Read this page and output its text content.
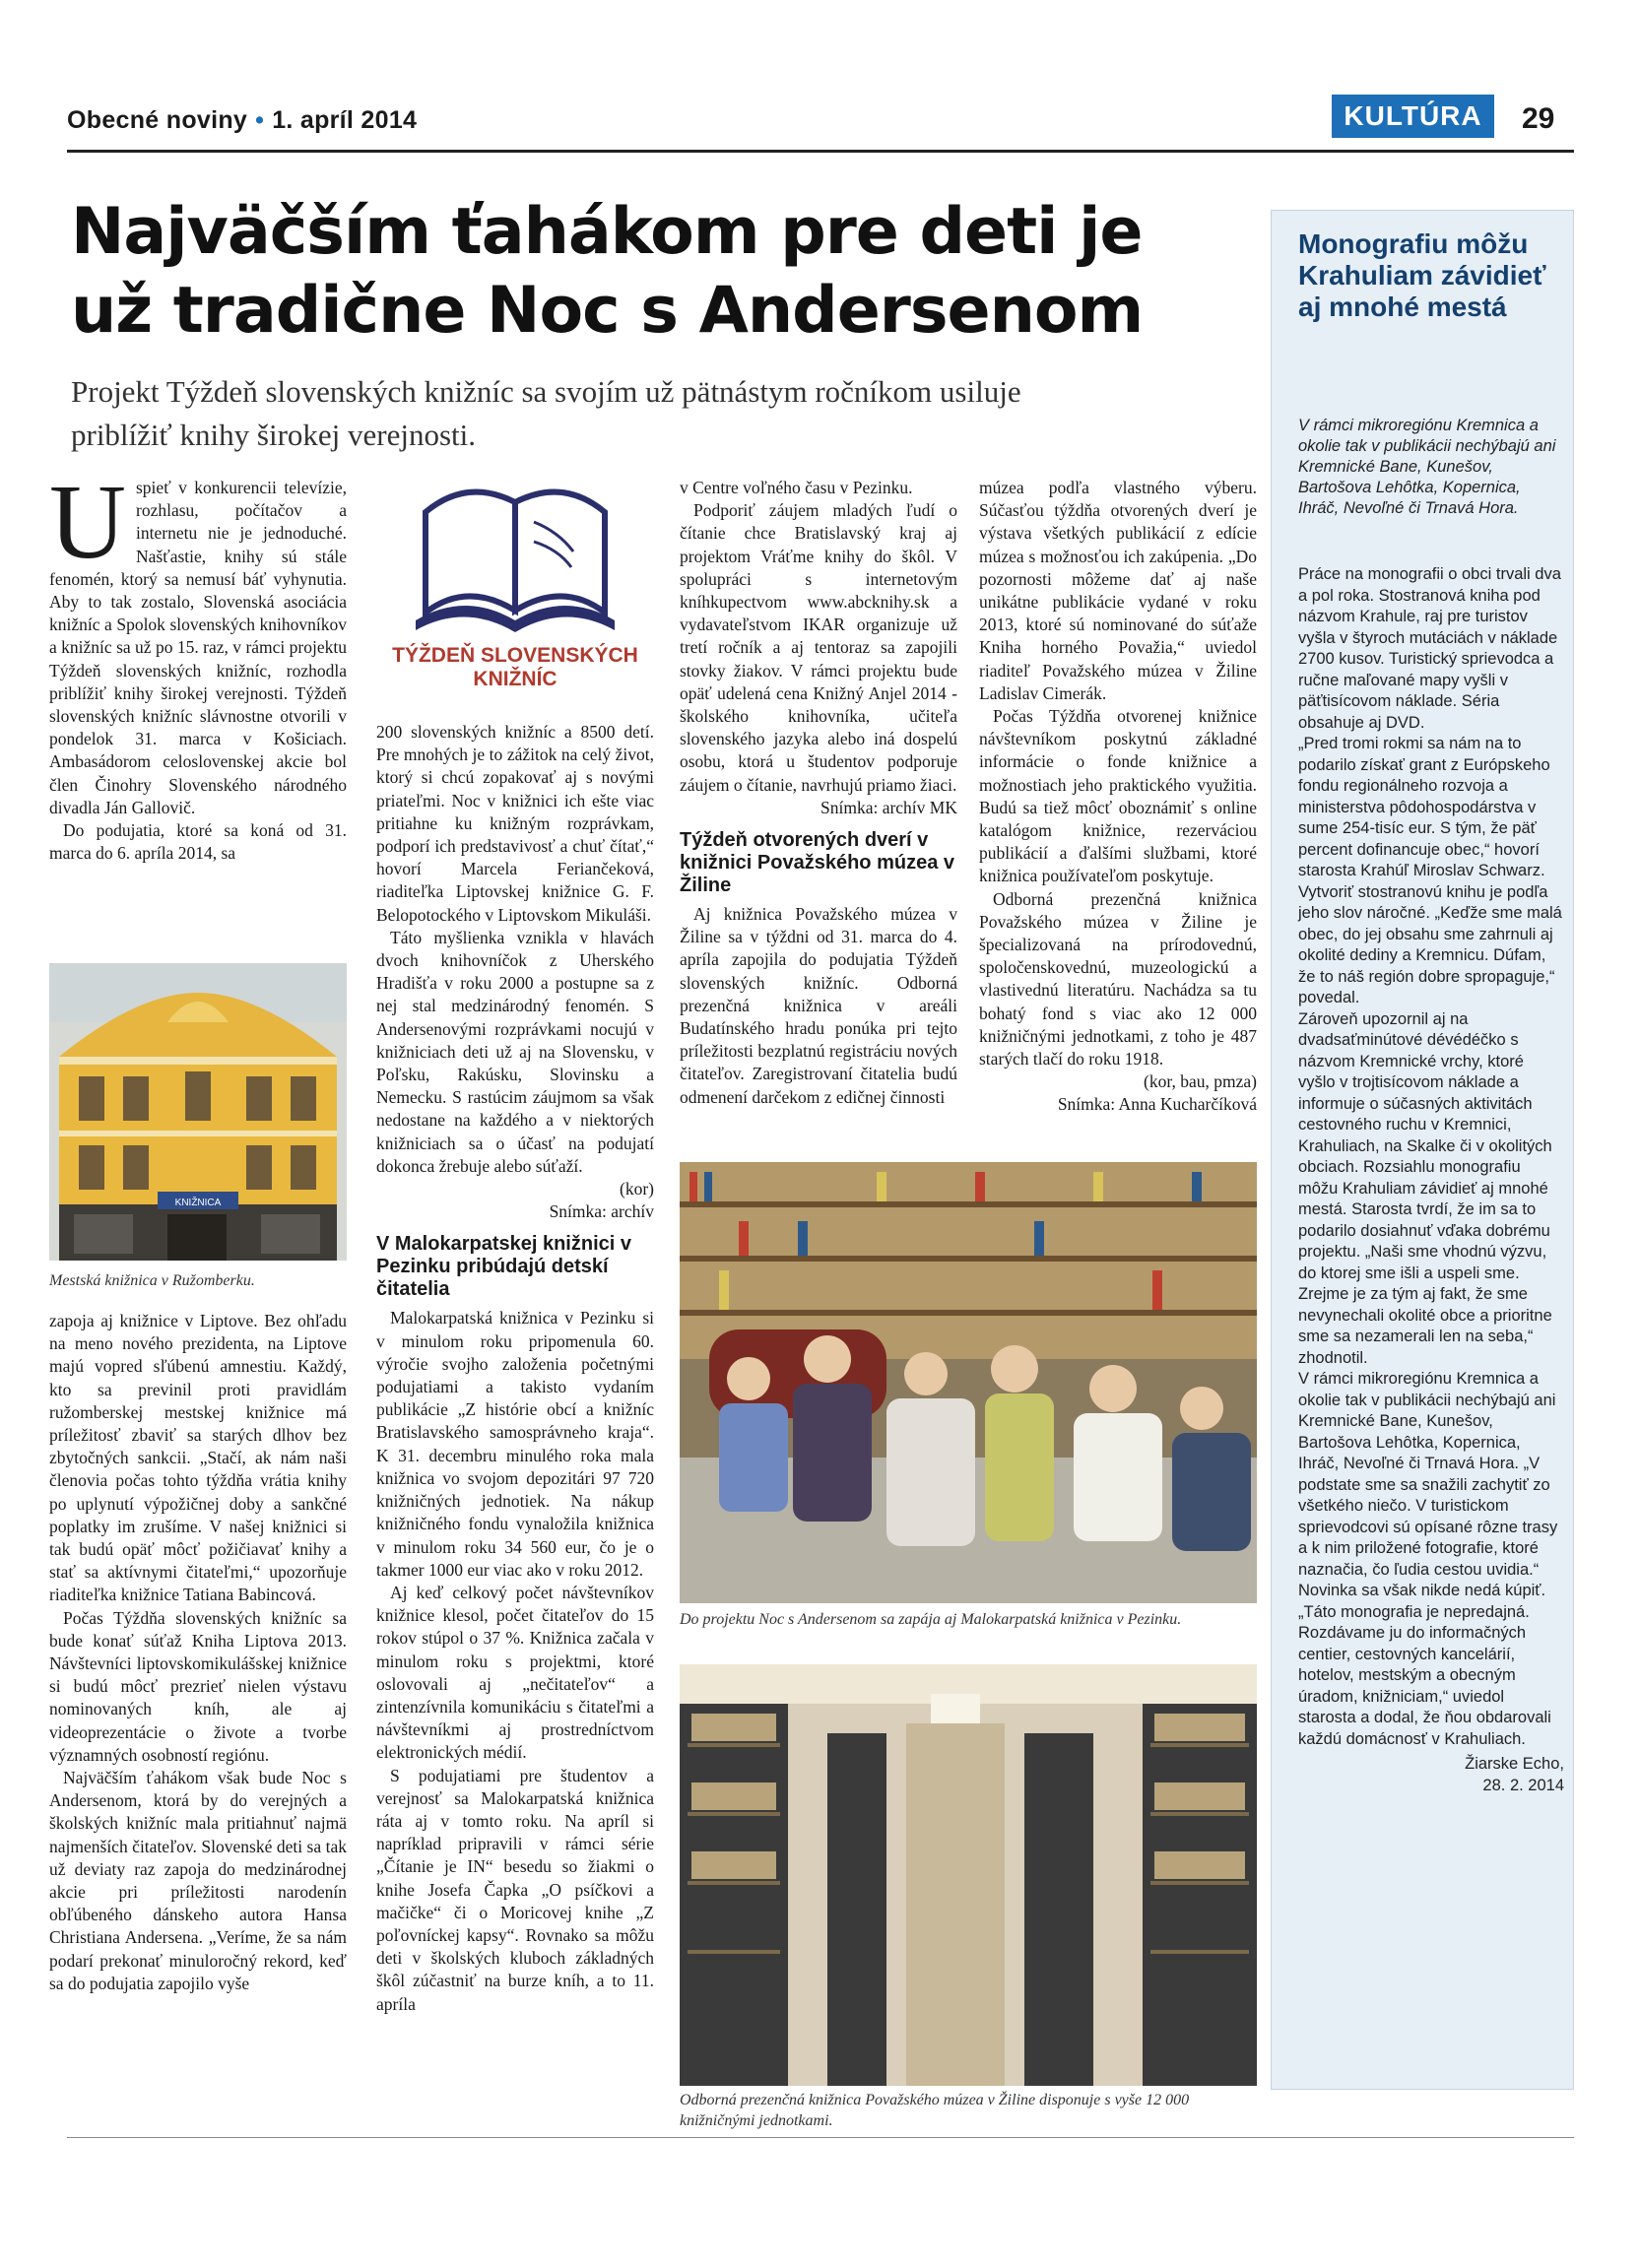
Obecné noviny • 1. apríl 2014	KULTÚRA	29
Najväčším ťahákom pre deti je
už tradične Noc s Andersenom
Projekt Týždeň slovenských knižníc sa svojím už pätnástym ročníkom usiluje
priblížiť knihy širokej verejnosti.
U spieť v konkurencii televízie, rozhlasu, počítačov a internetu nie je jednoduché. Našťastie, knihy sú stále fenomén, ktorý sa nemusí báť vyhynutia. Aby to tak zostalo, Slovenská asociácia knižníc a Spolok slovenských knihovníkov a knižníc sa už po 15. raz, v rámci projektu Týždeň slovenských knižníc, rozhodla priblížiť knihy širokej verejnosti. Týždeň slovenských knižníc slávnostne otvorili v pondelok 31. marca v Košiciach. Ambasádorom celoslovenskej akcie bol člen Činohry Slovenského národného divadla Ján Gallovič.

Do podujatia, ktoré sa koná od 31. marca do 6. apríla 2014, sa

KNIŽNICA
Mestská knižnica v Ružomberku.

zapoja aj knižnice v Liptove. Bez ohľadu na meno nového prezidenta, na Liptove majú vopred sľúbenú amnestiu. Každý, kto sa previnil proti pravidlám ružomberskej mestskej knižnice má príležitosť zbaviť sa starých dlhov bez zbytočných sankcii. „Stačí, ak nám naši členovia počas tohto týždňa vrátia knihy po uplynutí výpožičnej doby a sankčné poplatky im zrušíme. V našej knižnici si tak budú opäť môcť požičiavať knihy a stať sa aktívnymi čitateľmi,“ upozorňuje riaditeľka knižnice Tatiana Babincová.

Počas Týždňa slovenských knižníc sa bude konať súťaž Kniha Liptova 2013. Návštevníci liptovskomikulášskej knižnice si budú môcť prezrieť nielen výstavu nominovaných kníh, ale aj videoprezentácie o živote a tvorbe významných osobností regiónu.

Najväčším ťahákom však bude Noc s Andersenom, ktorá by do verejných a školských knižníc mala pritiahnuť najmä najmenších čitateľov. Slovenské deti sa tak už deviaty raz zapoja do medzinárodnej akcie pri príležitosti narodenín obľúbeného dánskeho autora Hansa Christiana Andersena. „Veríme, že sa nám podarí prekonať minuloročný rekord, keď sa do podujatia zapojilo vyše

TÝŽDEŇ SLOVENSKÝCH
KNIŽNÍC

200 slovenských knižníc a 8500 detí. Pre mnohých je to zážitok na celý život, ktorý si chcú zopakovať aj s novými priateľmi. Noc v knižnici ich ešte viac pritiahne ku knižným rozprávkam, podporí ich predstavivosť a chuť čítať,“ hovorí Marcela Feriančeková, riaditeľka Liptovskej knižnice G. F. Belopotockého v Liptovskom Mikuláši.

Táto myšlienka vznikla v hlavách dvoch knihovníčok z Uherského Hradišťa v roku 2000 a postupne sa z nej stal medzinárodný fenomén. S Andersenovými rozprávkami nocujú v knižniciach deti už aj na Slovensku, v Poľsku, Rakúsku, Slovinsku a Nemecku. S rastúcim záujmom sa však nedostane na každého a v niektorých knižniciach sa o účasť na podujatí dokonca žrebuje alebo súťaží.

(kor)

Snímka: archív

V Malokarpatskej knižnici v Pezinku pribúdajú detskí čitatelia

Malokarpatská knižnica v Pezinku si v minulom roku pripomenula 60. výročie svojho založenia početnými podujatiami a takisto vydaním publikácie „Z histórie obcí a knižníc Bratislavského samosprávneho kraja“. K 31. decembru minulého roka mala knižnica vo svojom depozitári 97 720 knižničných jednotiek. Na nákup knižničného fondu vynaložila knižnica v minulom roku 34 560 eur, čo je o takmer 1000 eur viac ako v roku 2012.

Aj keď celkový počet návštevníkov knižnice klesol, počet čitateľov do 15 rokov stúpol o 37 %. Knižnica začala v minulom roku s projektmi, ktoré oslovovali aj „nečitateľov“ a zintenzívnila komunikáciu s čitateľmi a návštevníkmi aj prostredníctvom elektronických médií.

S podujatiami pre študentov a verejnosť sa Malokarpatská knižnica ráta aj v tomto roku. Na apríl si napríklad pripravili v rámci série „Čítanie je IN“ besedu so žiakmi o knihe Josefa Čapka „O psíčkovi a mačičke“ či o Moricovej knihe „Z poľovníckej kapsy“. Rovnako sa môžu deti v školských kluboch základných škôl zúčastniť na burze kníh, a to 11. apríla

v Centre voľného času v Pezinku.

Podporiť záujem mladých ľudí o čítanie chce Bratislavský kraj aj projektom Vráťme knihy do škôl. V spolupráci s internetovým kníhkupectvom www.abcknihy.sk a vydavateľstvom IKAR organizuje už tretí ročník a aj tentoraz sa zapojili stovky žiakov. V rámci projektu bude opäť udelená cena Knižný Anjel 2014 - školského knihovníka, učiteľa slovenského jazyka alebo iná dospelú osobu, ktorá u študentov podporuje záujem o čítanie, navrhujú priamo žiaci.

Snímka: archív MK

Týždeň otvorených dverí v knižnici Považského múzea v Žiline

Aj knižnica Považského múzea v Žiline sa v týždni od 31. marca do 4. apríla zapojila do podujatia Týždeň slovenských knižníc. Odborná prezenčná knižnica v areáli Budatínského hradu ponúka pri tejto príležitosti bezplatnú registráciu nových čitateľov. Zaregistrovaní čitatelia budú odmenení darčekom z edičnej činnosti

múzea podľa vlastného výberu. Súčasťou týždňa otvorených dverí je výstava všetkých publikácií z edície múzea s možnosťou ich zakúpenia. „Do pozornosti môžeme dať aj naše unikátne publikácie vydané v roku 2013, ktoré sú nominované do súťaže Kniha horného Považia,“ uviedol riaditeľ Považského múzea v Žiline Ladislav Cimerák.

Počas Týždňa otvorenej knižnice návštevníkom poskytnú základné informácie o fonde knižnice a možnostiach jeho praktického využitia. Budú sa tiež môcť oboznámiť s online katalógom knižnice, rezerváciou publikácií a ďalšími službami, ktoré knižnica používateľom poskytuje.

Odborná prezenčná knižnica Považského múzea v Žiline je špecializovaná na prírodovednú, spoločenskovednú, muzeologickú a vlastivednú literatúru. Nachádza sa tu bohatý fond s viac ako 12 000 knižničnými jednotkami, z toho je 487 starých tlačí do roku 1918.

(kor, bau, pmza)

Snímka: Anna Kucharčíková

Do projektu Noc s Andersenom sa zapája aj Malokarpatská knižnica v Pezinku.
Odborná prezenčná knižnica Považského múzea v Žiline disponuje s vyše 12 000 knižničnými jednotkami.
Monografiu môžu Krahuliam závidieť aj mnohé mestá
V rámci mikroregiónu Kremnica a okolie tak v publikácii nechýbajú ani Kremnické Bane, Kunešov, Bartošova Lehôtka, Kopernica, Ihráč, Nevoľné či Trnavá Hora.

Práce na monografii o obci trvali dva a pol roka. Stostranová kniha pod názvom Krahule, raj pre turistov vyšla v štyroch mutáciách v náklade 2700 kusov. Turistický sprievodca a ručne maľované mapy vyšli v päťtisícovom náklade. Séria obsahuje aj DVD.

„Pred tromi rokmi sa nám na to podarilo získať grant z Európskeho fondu regionálneho rozvoja a ministerstva pôdohospodárstva v sume 254-tisíc eur. S tým, že päť percent dofinancuje obec,“ hovorí starosta Krahúľ Miroslav Schwarz. Vytvoriť stostranovú knihu je podľa jeho slov náročné. „Keďže sme malá obec, do jej obsahu sme zahrnuli aj okolité dediny a Kremnicu. Dúfam, že to náš región dobre spropaguje,“ povedal.

Zároveň upozornil aj na dvadsaťminútové dévédéčko s názvom Kremnické vrchy, ktoré vyšlo v trojtisícovom náklade a informuje o súčasných aktivitách cestovného ruchu v Kremnici, Krahuliach, na Skalke či v okolitých obciach. Rozsiahlu monografiu môžu Krahuliam závidieť aj mnohé mestá. Starosta tvrdí, že im sa to podarilo dosiahnuť vďaka dobrému projektu. „Naši sme vhodnú výzvu, do ktorej sme išli a uspeli sme. Zrejme je za tým aj fakt, že sme nevynechali okolité obce a prioritne sme sa nezamerali len na seba,“ zhodnotil.

V rámci mikroregiónu Kremnica a okolie tak v publikácii nechýbajú ani Kremnické Bane, Kunešov, Bartošova Lehôtka, Kopernica, Ihráč, Nevoľné či Trnavá Hora. „V podstate sme sa snažili zachytiť zo všetkého niečo. V turistickom sprievodcovi sú opísané rôzne trasy a k nim priložené fotografie, ktoré naznačia, čo ľudia cestou uvidia.“

Novinka sa však nikde nedá kúpiť. „Táto monografia je nepredajná. Rozdávame ju do informačných centier, cestovných kancelárií, hotelov, mestským a obecným úradom, knižniciam,“ uviedol starosta a dodal, že ňou obdarovali každú domácnosť v Krahuliach.

Žiarske Echo,
28. 2. 2014
